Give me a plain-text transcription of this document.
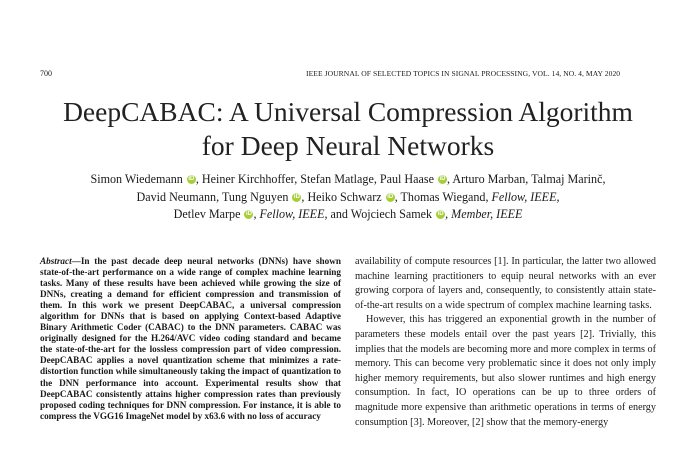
700	IEEE JOURNAL OF SELECTED TOPICS IN SIGNAL PROCESSING, VOL. 14, NO. 4, MAY 2020
DeepCABAC: A Universal Compression Algorithm
for Deep Neural Networks
Simon Wiedemann iD , Heiner Kirchhoffer, Stefan Matlage, Paul Haase iD , Arturo Marban, Talmaj Marinč,
David Neumann, Tung Nguyen iD , Heiko Schwarz iD , Thomas Wiegand, Fellow, IEEE,
Detlev Marpe iD , Fellow, IEEE, and Wojciech Samek iD , Member, IEEE
Abstract—In the past decade deep neural networks (DNNs) have shown state-of-the-art performance on a wide range of complex machine learning tasks. Many of these results have been achieved while growing the size of DNNs, creating a demand for efficient compression and transmission of them. In this work we present DeepCABAC, a universal compression algorithm for DNNs that is based on applying Context-based Adaptive Binary Arithmetic Coder (CABAC) to the DNN parameters. CABAC was originally designed for the H.264/AVC video coding standard and became the state-of-the-art for the lossless compression part of video compression. DeepCABAC applies a novel quantization scheme that minimizes a rate-distortion function while simultaneously taking the impact of quantization to the DNN performance into account. Experimental results show that DeepCABAC consistently attains higher compression rates than previously proposed coding techniques for DNN compression. For instance, it is able to compress the VGG16 ImageNet model by x63.6 with no loss of accuracy

availability of compute resources [1]. In particular, the latter two allowed machine learning practitioners to equip neural networks with an ever growing corpora of layers and, consequently, to consistently attain state-of-the-art results on a wide spectrum of complex machine learning tasks.

However, this has triggered an exponential growth in the number of parameters these models entail over the past years [2]. Trivially, this implies that the models are becoming more and more complex in terms of memory. This can become very problematic since it does not only imply higher memory requirements, but also slower runtimes and high energy consumption. In fact, IO operations can be up to three orders of magnitude more expensive than arithmetic operations in terms of energy consumption [3]. Moreover, [2] show that the memory-energy
